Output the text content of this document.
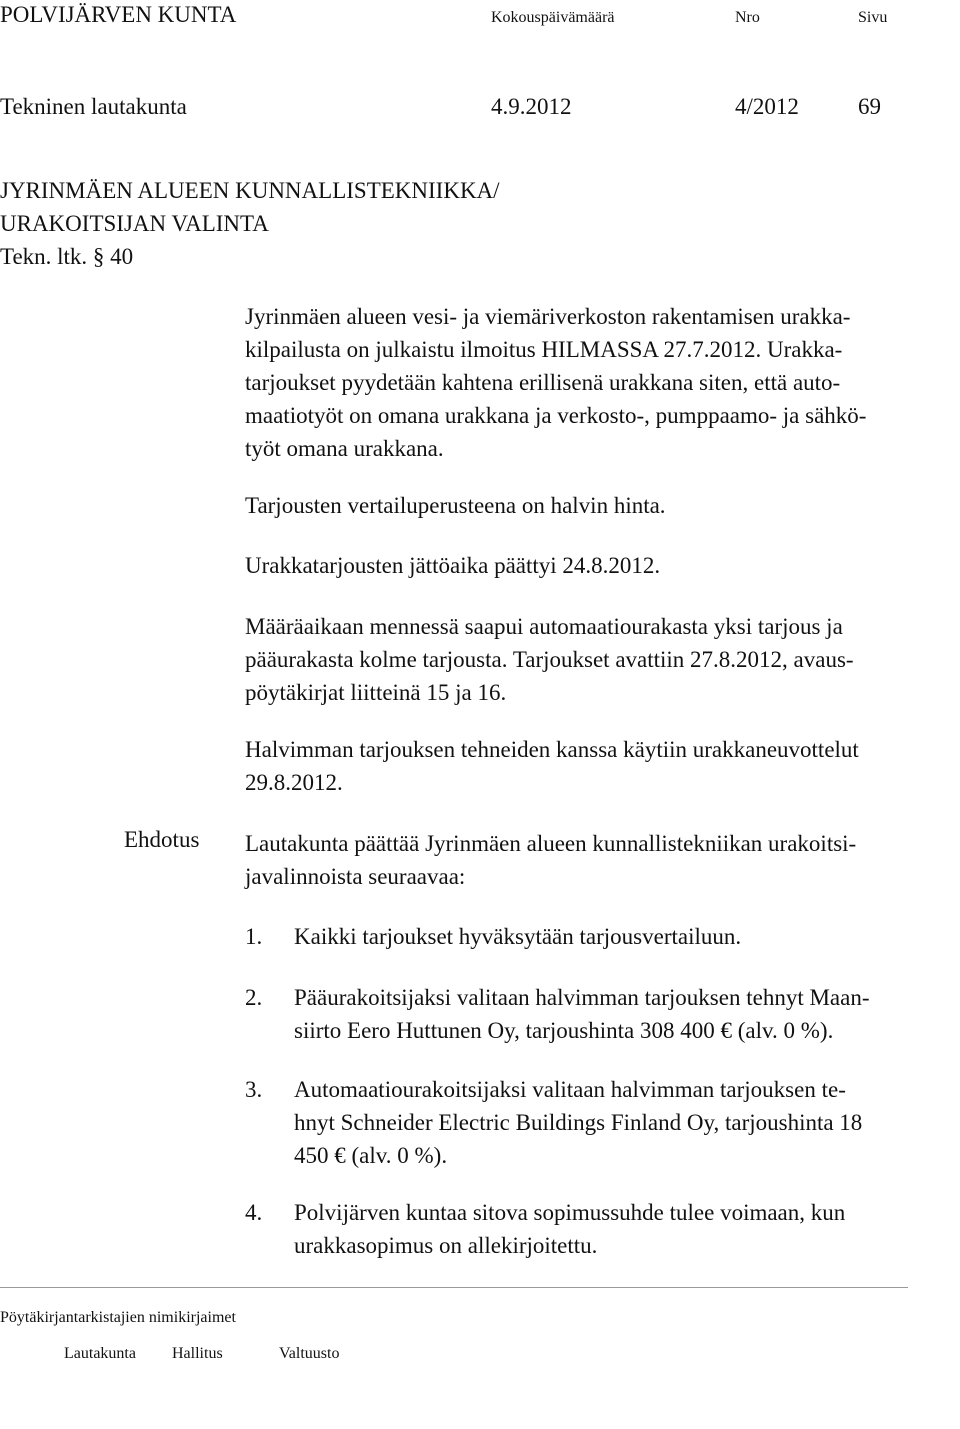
POLVIJÄRVEN KUNTA	Kokouspäivämäärä	Nro	Sivu
Tekninen lautakunta	4.9.2012	4/2012	69
JYRINMÄEN ALUEEN KUNNALLISTEKNIIKKA/
URAKOITSIJAN VALINTA
Tekn. ltk. § 40
Jyrinmäen alueen vesi- ja viemäriverkoston rakentamisen urakka-
kilpailusta on julkaistu ilmoitus HILMASSA 27.7.2012. Urakka-
tarjoukset pyydetään kahtena erillisenä urakkana siten, että auto-
maatiotyöt on omana urakkana ja verkosto-, pumppaamo- ja sähkö-
työt omana urakkana.
Tarjousten vertailuperusteena on halvin hinta.
Urakkatarjousten jättöaika päättyi 24.8.2012.
Määräaikaan mennessä saapui automaatiourakasta yksi tarjous ja
pääurakasta kolme tarjousta. Tarjoukset avattiin 27.8.2012, avaus-
pöytäkirjat liitteinä 15 ja 16.
Halvimman tarjouksen tehneiden kanssa käytiin urakkaneuvottelut
29.8.2012.
Ehdotus Lautakunta päättää Jyrinmäen alueen kunnallistekniikan urakoitsi-
javalinnoista seuraavaa:
1. Kaikki tarjoukset hyväksytään tarjousvertailuun.
2. Pääurakoitsijaksi valitaan halvimman tarjouksen tehnyt Maan-
siirto Eero Huttunen Oy, tarjoushinta 308 400 € (alv. 0 %).
3. Automaatiourakoitsijaksi valitaan halvimman tarjouksen te-
hnyt Schneider Electric Buildings Finland Oy, tarjoushinta 18
450 € (alv. 0 %).
4. Polvijärven kuntaa sitova sopimussuhde tulee voimaan, kun
urakkasopimus on allekirjoitettu.
Pöytäkirjantarkistajien nimikirjaimet
Lautakunta Hallitus	Valtuusto
